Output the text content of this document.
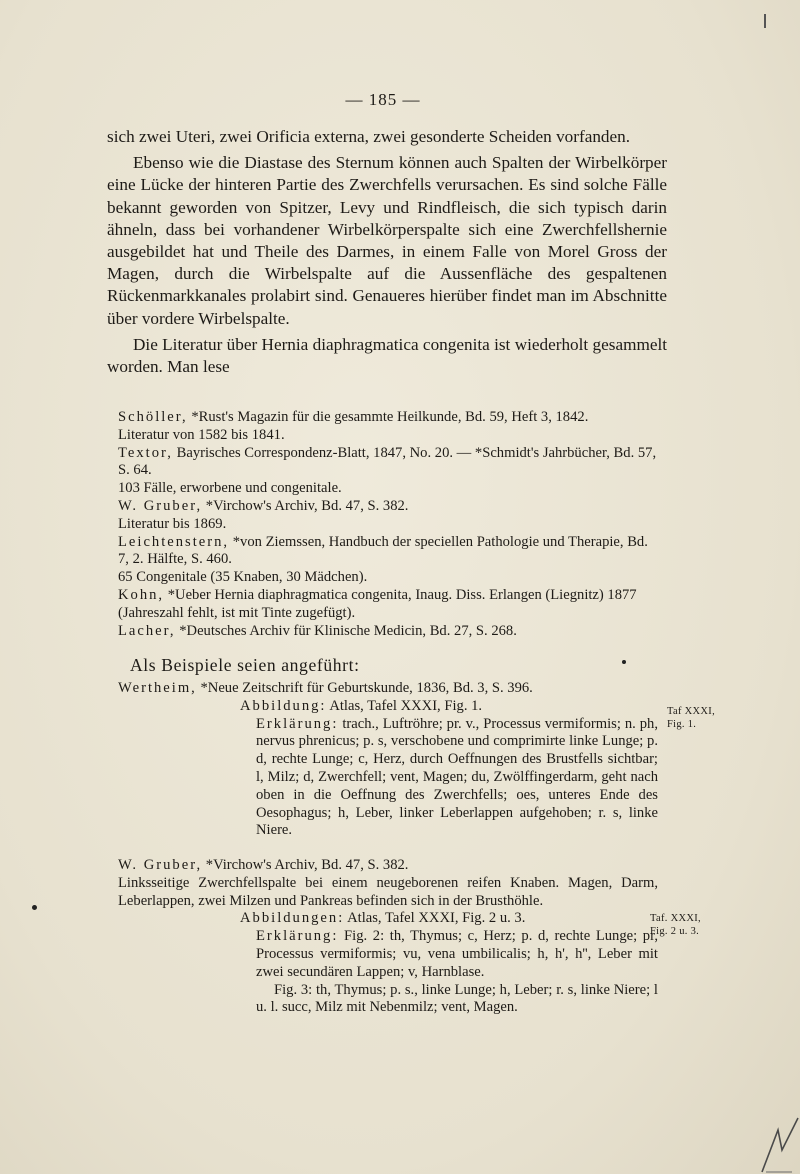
— 185 —

sich zwei Uteri, zwei Orificia externa, zwei gesonderte Scheiden vorfanden.

Ebenso wie die Diastase des Sternum können auch Spalten der Wirbelkörper eine Lücke der hinteren Partie des Zwerchfells verursachen. Es sind solche Fälle bekannt geworden von Spitzer, Levy und Rindfleisch, die sich typisch darin ähneln, dass bei vorhandener Wirbelkörperspalte sich eine Zwerchfellshernie ausgebildet hat und Theile des Darmes, in einem Falle von Morel Gross der Magen, durch die Wirbelspalte auf die Aussenfläche des gespaltenen Rückenmarkkanales prolabirt sind. Genaueres hierüber findet man im Abschnitte über vordere Wirbelspalte.

Die Literatur über Hernia diaphragmatica congenita ist wiederholt gesammelt worden. Man lese

Schöller, *Rust's Magazin für die gesammte Heilkunde, Bd. 59, Heft 3, 1842.

Literatur von 1582 bis 1841.

Textor, Bayrisches Correspondenz-Blatt, 1847, No. 20. — *Schmidt's Jahrbücher, Bd. 57, S. 64.

103 Fälle, erworbene und congenitale.

W. Gruber, *Virchow's Archiv, Bd. 47, S. 382.

Literatur bis 1869.

Leichtenstern, *von Ziemssen, Handbuch der speciellen Pathologie und Therapie, Bd. 7, 2. Hälfte, S. 460.

65 Congenitale (35 Knaben, 30 Mädchen).

Kohn, *Ueber Hernia diaphragmatica congenita, Inaug. Diss. Erlangen (Liegnitz) 1877 (Jahreszahl fehlt, ist mit Tinte zugefügt).

Lacher, *Deutsches Archiv für Klinische Medicin, Bd. 27, S. 268.

Als Beispiele seien angeführt:

Wertheim, *Neue Zeitschrift für Geburtskunde, 1836, Bd. 3, S. 396.

Abbildung: Atlas, Tafel XXXI, Fig. 1.

Erklärung: trach., Luftröhre; pr. v., Processus vermiformis; n. ph, nervus phrenicus; p. s, verschobene und comprimirte linke Lunge; p. d, rechte Lunge; c, Herz, durch Oeffnungen des Brustfells sichtbar; l, Milz; d, Zwerchfell; vent, Magen; du, Zwölffingerdarm, geht nach oben in die Oeffnung des Zwerchfells; oes, unteres Ende des Oesophagus; h, Leber, linker Leberlappen aufgehoben; r. s, linke Niere.

Taf XXXI,
Fig. 1.

W. Gruber, *Virchow's Archiv, Bd. 47, S. 382.

Linksseitige Zwerchfellspalte bei einem neugeborenen reifen Knaben. Magen, Darm, Leberlappen, zwei Milzen und Pankreas befinden sich in der Brusthöhle.

Abbildungen: Atlas, Tafel XXXI, Fig. 2 u. 3.

Erklärung: Fig. 2: th, Thymus; c, Herz; p. d, rechte Lunge; pr, Processus vermiformis; vu, vena umbilicalis; h, h', h'', Leber mit zwei secundären Lappen; v, Harnblase.

Fig. 3: th, Thymus; p. s., linke Lunge; h, Leber; r. s, linke Niere; l u. l. succ, Milz mit Nebenmilz; vent, Magen.

Taf. XXXI,
Fig. 2 u. 3.
